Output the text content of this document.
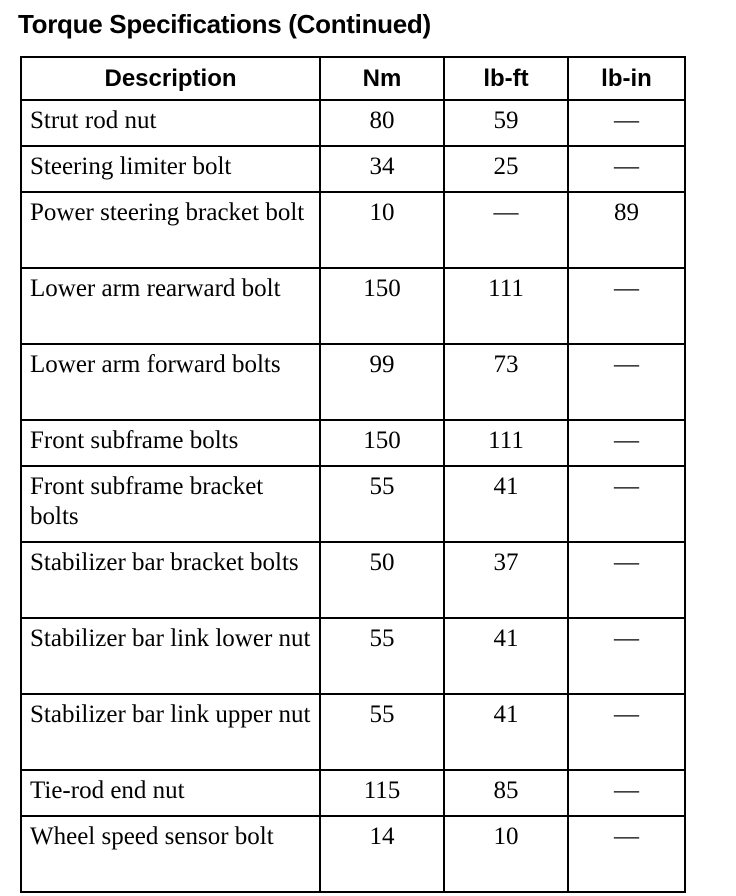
Torque Specifications (Continued)
Description	Nm	lb-ft	lb-in
Strut rod nut	80	59	—
Steering limiter bolt	34	25	—
Power steering bracket bolt	10	—	89
Lower arm rearward bolt	150	111	—
Lower arm forward bolts	99	73	—
Front subframe bolts	150	111	—
Front subframe bracket bolts	55	41	—
Stabilizer bar bracket bolts	50	37	—
Stabilizer bar link lower nut	55	41	—
Stabilizer bar link upper nut	55	41	—
Tie-rod end nut	115	85	—
Wheel speed sensor bolt	14	10	—
